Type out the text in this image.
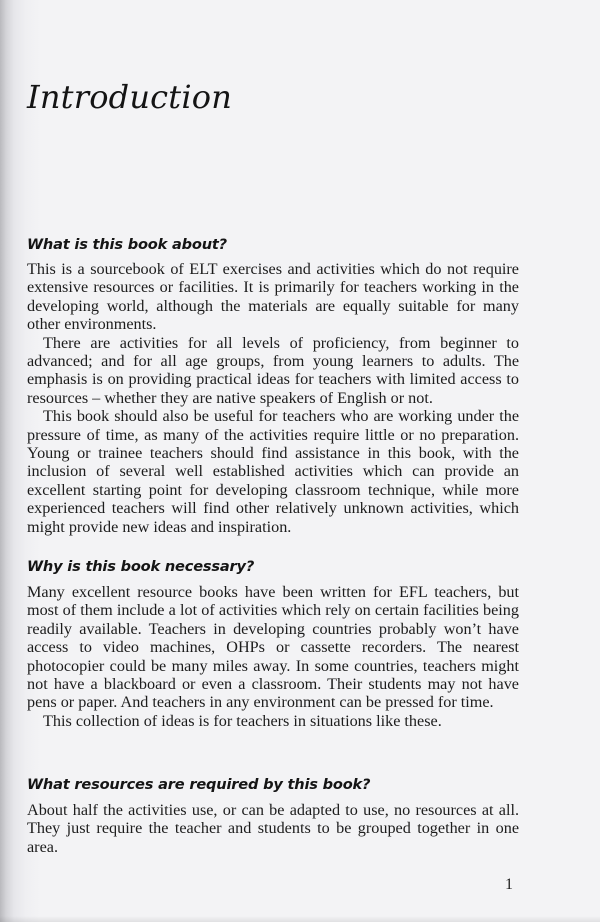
Introduction
What is this book about?

This is a sourcebook of ELT exercises and activities which do not require extensive resources or facilities. It is primarily for teachers working in the developing world, although the materials are equally suitable for many other environments.

There are activities for all levels of proficiency, from beginner to advanced; and for all age groups, from young learners to adults. The emphasis is on providing practical ideas for teachers with limited access to resources – whether they are native speakers of English or not.

This book should also be useful for teachers who are working under the pressure of time, as many of the activities require little or no preparation. Young or trainee teachers should find assistance in this book, with the inclusion of several well established activities which can provide an excellent starting point for developing classroom technique, while more experienced teachers will find other relatively unknown activities, which might provide new ideas and inspiration.

Why is this book necessary?

Many excellent resource books have been written for EFL teachers, but most of them include a lot of activities which rely on certain facilities being readily available. Teachers in developing countries probably won’t have access to video machines, OHPs or cassette recorders. The nearest photocopier could be many miles away. In some countries, teachers might not have a blackboard or even a classroom. Their students may not have pens or paper. And teachers in any environment can be pressed for time.

This collection of ideas is for teachers in situations like these.

What resources are required by this book?

About half the activities use, or can be adapted to use, no resources at all. They just require the teacher and students to be grouped together in one area.

1
